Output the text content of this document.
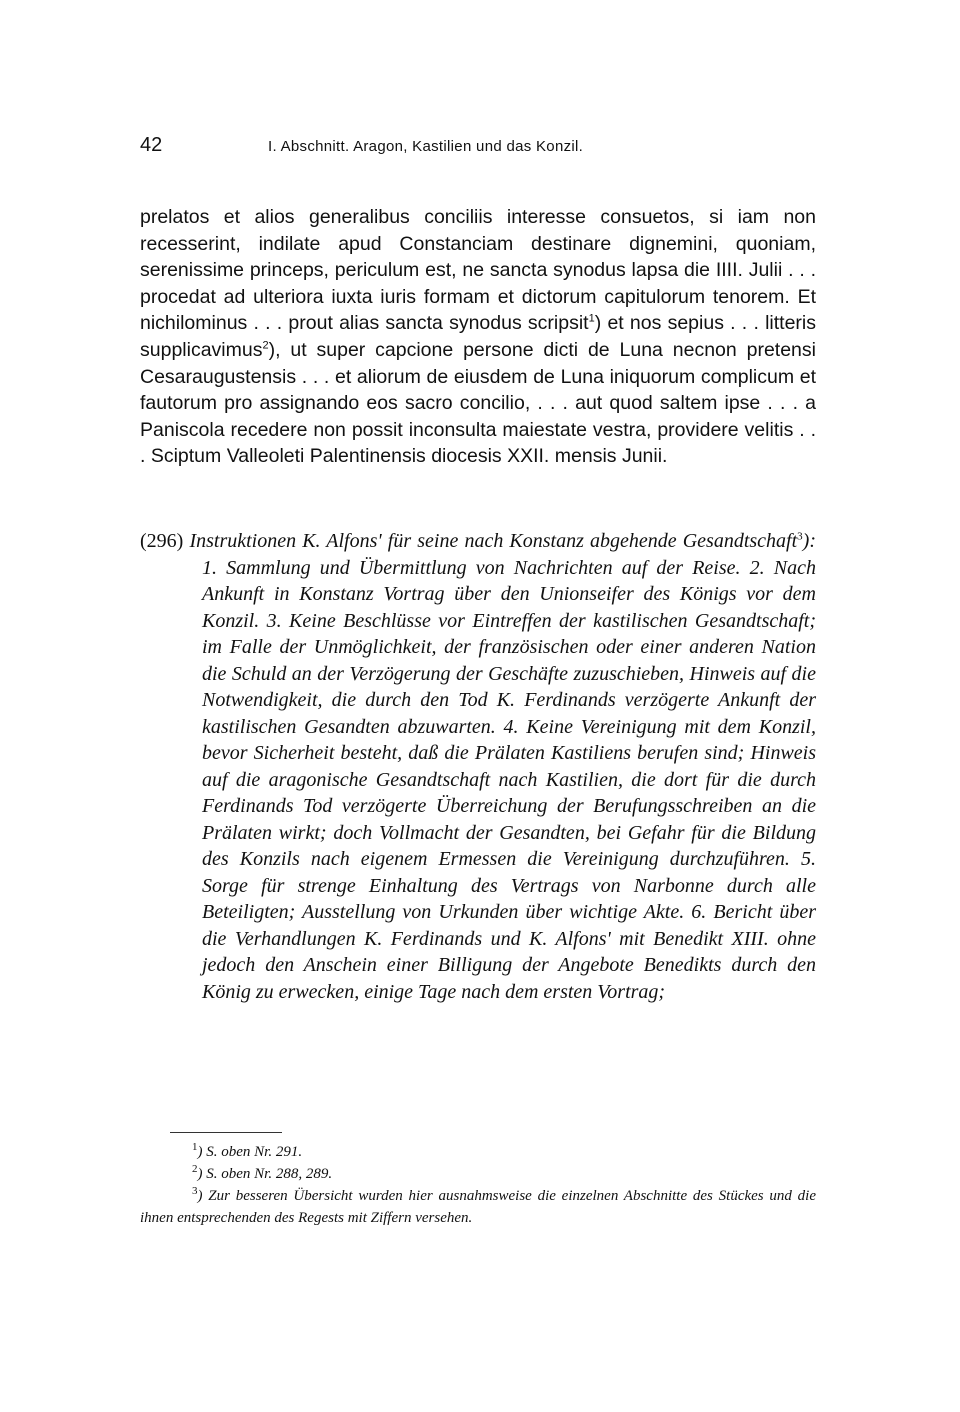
42	I. Abschnitt. Aragon, Kastilien und das Konzil.

prelatos et alios generalibus conciliis interesse consuetos, si iam non recesserint, indilate apud Constanciam destinare dignemini, quoniam, serenissime princeps, periculum est, ne sancta synodus lapsa die IIII. Julii . . . procedat ad ulteriora iuxta iuris formam et dictorum capitulorum tenorem. Et nichilominus . . . prout alias sancta synodus scripsit$^1$) et nos sepius . . . litteris supplicavimus$^2$), ut super capcione persone dicti de Luna necnon pretensi Cesaraugustensis . . . et aliorum de eiusdem de Luna iniquorum complicum et fautorum pro assignando eos sacro concilio, . . . aut quod saltem ipse . . . a Paniscola recedere non possit inconsulta maiestate vestra, providere velitis . . . Sciptum Valleoleti Palentinensis diocesis XXII. mensis Junii.

(296) Instruktionen K. Alfons' für seine nach Konstanz abgehende Gesandtschaft$^3$): 1. Sammlung und Übermittlung von Nachrichten auf der Reise. 2. Nach Ankunft in Konstanz Vortrag über den Unionseifer des Königs vor dem Konzil. 3. Keine Beschlüsse vor Eintreffen der kastilischen Gesandtschaft; im Falle der Unmöglichkeit, der französischen oder einer anderen Nation die Schuld an der Verzögerung der Geschäfte zuzuschieben, Hinweis auf die Notwendigkeit, die durch den Tod K. Ferdinands verzögerte Ankunft der kastilischen Gesandten abzuwarten. 4. Keine Vereinigung mit dem Konzil, bevor Sicherheit besteht, daß die Prälaten Kastiliens berufen sind; Hinweis auf die aragonische Gesandtschaft nach Kastilien, die dort für die durch Ferdinands Tod verzögerte Überreichung der Berufungsschreiben an die Prälaten wirkt; doch Vollmacht der Gesandten, bei Gefahr für die Bildung des Konzils nach eigenem Ermessen die Vereinigung durchzuführen. 5. Sorge für strenge Einhaltung des Vertrags von Narbonne durch alle Beteiligten; Ausstellung von Urkunden über wichtige Akte. 6. Bericht über die Verhandlungen K. Ferdinands und K. Alfons' mit Benedikt XIII. ohne jedoch den Anschein einer Billigung der Angebote Benedikts durch den König zu erwecken, einige Tage nach dem ersten Vortrag;

$^1$) S. oben Nr. 291.

$^2$) S. oben Nr. 288, 289.

$^3$) Zur besseren Übersicht wurden hier ausnahmsweise die einzelnen Abschnitte des Stückes und die ihnen entsprechenden des Regests mit Ziffern versehen.
